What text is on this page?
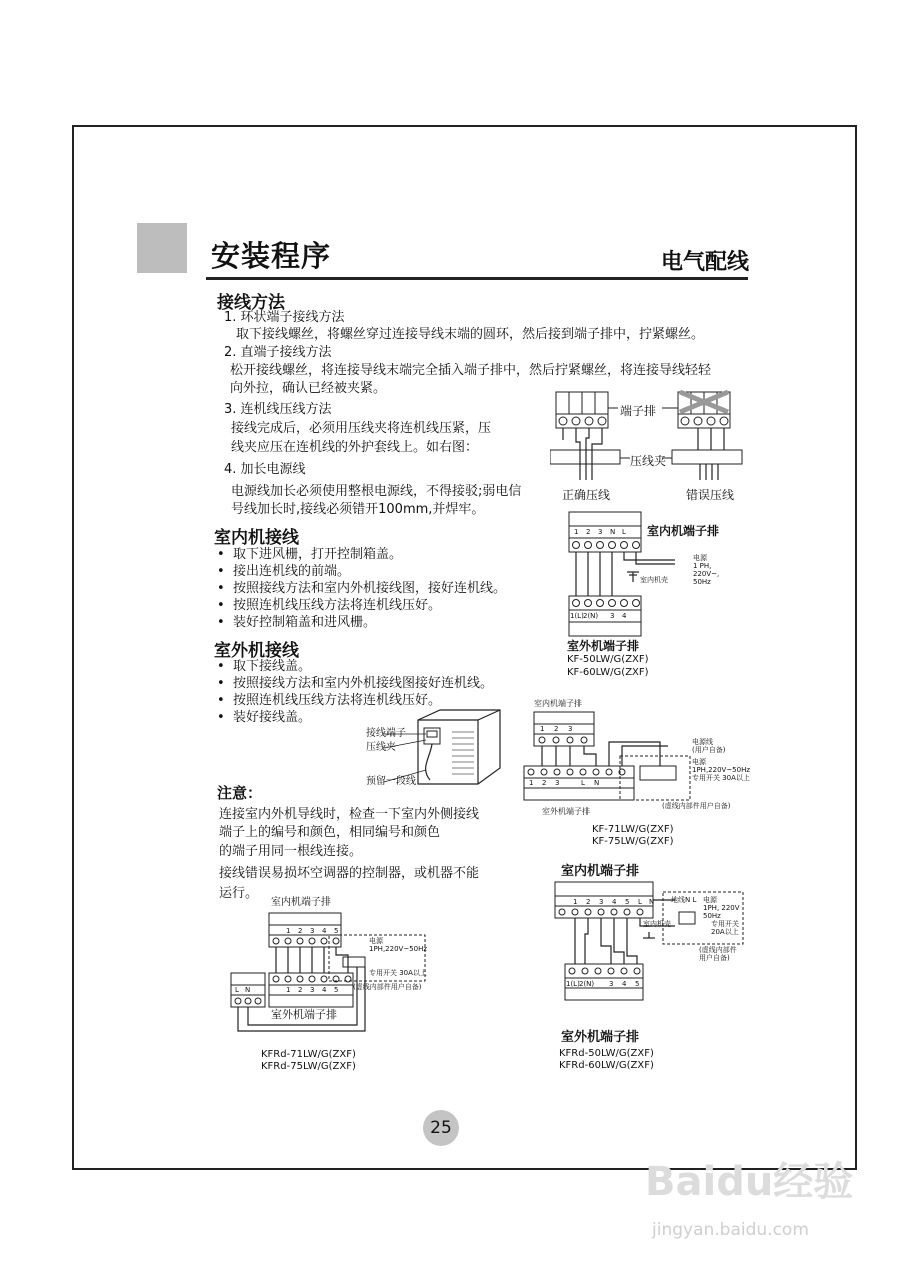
安装程序	电气配线
接线方法
1. 环状端子接线方法
取下接线螺丝，将螺丝穿过连接导线末端的圆环，然后接到端子排中，拧紧螺丝。
2. 直端子接线方法
松开接线螺丝，将连接导线末端完全插入端子排中，然后拧紧螺丝，将连接导线轻轻
向外拉，确认已经被夹紧。
3. 连机线压线方法
接线完成后，必须用压线夹将连机线压紧，压
线夹应压在连机线的外护套线上。如右图：
4. 加长电源线
电源线加长必须使用整根电源线，不得接驳;弱电信
号线加长时,接线必须错开100mm,并焊牢。
室内机接线
• 取下进风栅，打开控制箱盖。
• 接出连机线的前端。
• 按照接线方法和室内外机接线图，接好连机线。
• 按照连机线压线方法将连机线压好。
• 装好控制箱盖和进风栅。
室外机接线
• 取下接线盖。
• 按照接线方法和室内外机接线图接好连机线。
• 按照连机线压线方法将连机线压好。
• 装好接线盖。
接线端子
压线夹
预留一段线
注意：
连接室内外机导线时，检查一下室内外侧接线
端子上的编号和颜色，相同编号和颜色
的端子用同一根线连接。
接线错误易损坏空调器的控制器，或机器不能
运行。
端子排
压线夹
正确压线	错误压线
1 2 3 N L
1(L) 2(N) 3 4
室内机端子排
电源
1 PH,
220V~,
50Hz
室内机壳
室外机端子排
KF-50LW/G(ZXF)
KF-60LW/G(ZXF)
室内机端子排
1 2 3
1 2 3	L N
电源线
(用户自备)
电源
1PH,220V~50Hz
专用开关 30A以上
(虚线内部件用户自备)
室外机端子排
KF-71LW/G(ZXF)
KF-75LW/G(ZXF)
室内机端子排
1 2 3 4 5
L N	1 2 3 4 5
电源
1PH,220V~50Hz
专用开关 30A以上
(虚线内部件用户自备)
室外机端子排
KFRd-71LW/G(ZXF)
KFRd-75LW/G(ZXF)
室内机端子排
1 2 3 4 5 L N
1(L) 2(N) 3 4 5
地线N L 电源
1PH, 220V
50Hz
专用开关
20A以上
室内机壳
(虚线内部件
用户自备)
室外机端子排
KFRd-50LW/G(ZXF)
KFRd-60LW/G(ZXF)
25
Baidu经验
jingyan.baidu.com
